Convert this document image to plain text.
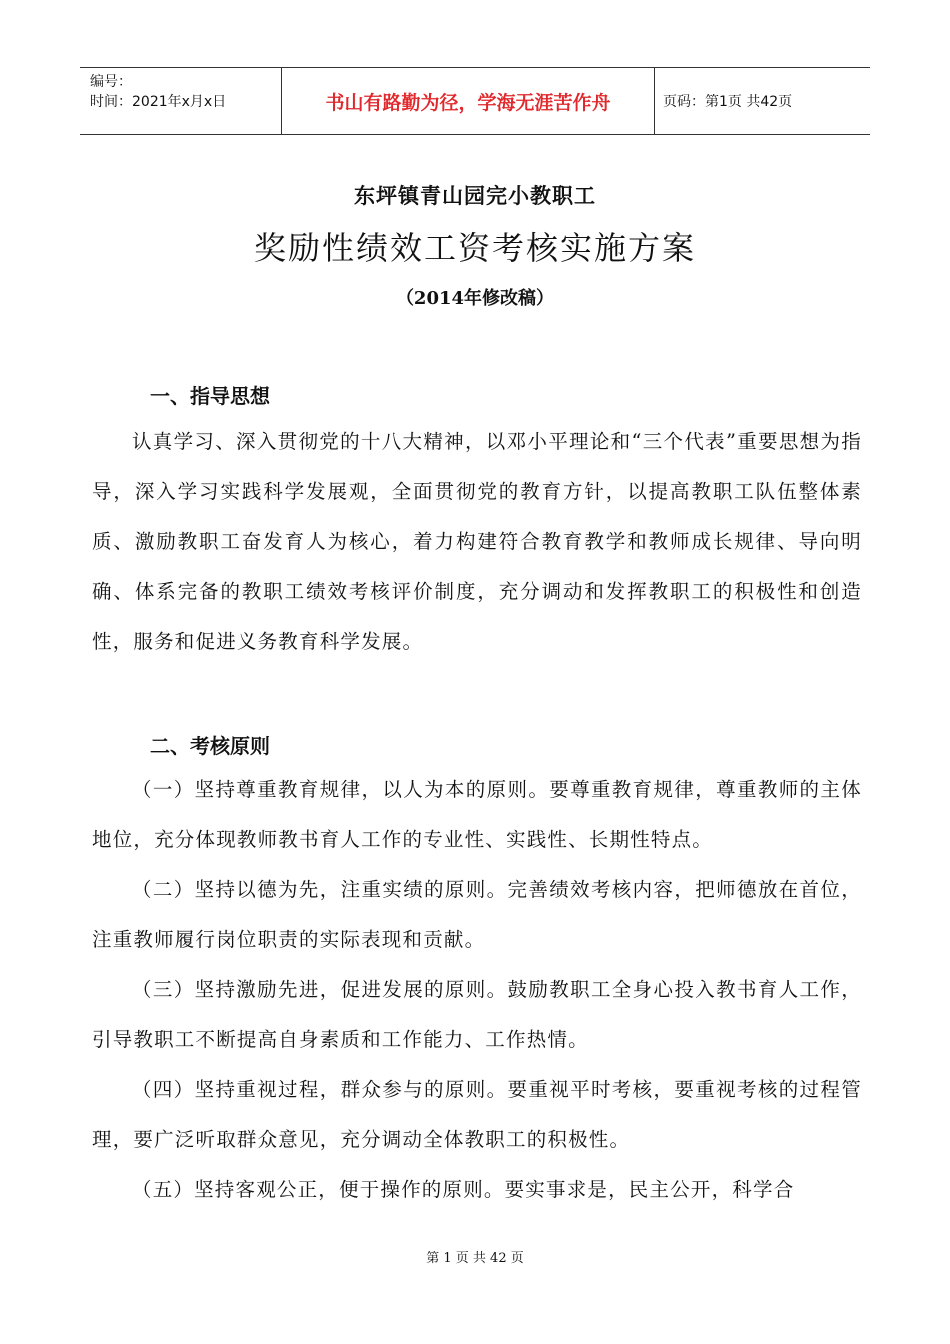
编号：
时间：2021年x月x日	书山有路勤为径，学海无涯苦作舟	页码：第1页 共42页
东坪镇青山园完小教职工
奖励性绩效工资考核实施方案
（2014年修改稿）
一、指导思想

认真学习、深入贯彻党的十八大精神，以邓小平理论和“三个代表”重要思想为指导，深入学习实践科学发展观，全面贯彻党的教育方针，以提高教职工队伍整体素质、激励教职工奋发育人为核心，着力构建符合教育教学和教师成长规律、导向明确、体系完备的教职工绩效考核评价制度，充分调动和发挥教职工的积极性和创造性，服务和促进义务教育科学发展。

二、考核原则

（一）坚持尊重教育规律，以人为本的原则。要尊重教育规律，尊重教师的主体地位，充分体现教师教书育人工作的专业性、实践性、长期性特点。

（二）坚持以德为先，注重实绩的原则。完善绩效考核内容，把师德放在首位，注重教师履行岗位职责的实际表现和贡献。

（三）坚持激励先进，促进发展的原则。鼓励教职工全身心投入教书育人工作，引导教职工不断提高自身素质和工作能力、工作热情。

（四）坚持重视过程，群众参与的原则。要重视平时考核，要重视考核的过程管理，要广泛听取群众意见，充分调动全体教职工的积极性。

（五）坚持客观公正，便于操作的原则。要实事求是，民主公开，科学合

第 1 页 共 42 页
